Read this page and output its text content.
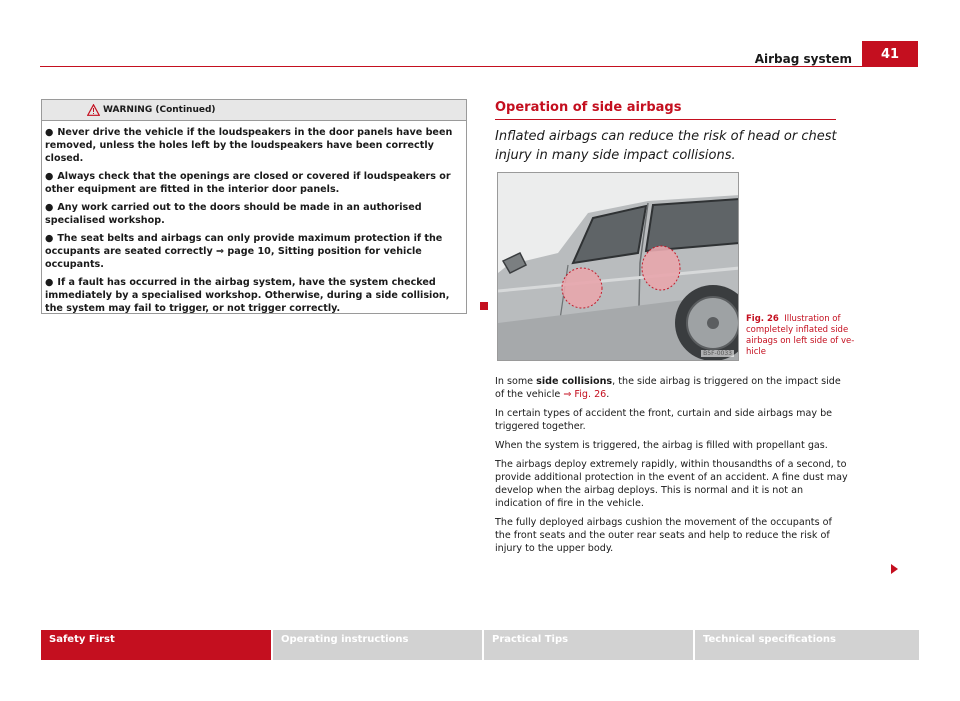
Airbag system	41
WARNING (Continued)
● Never drive the vehicle if the loudspeakers in the door panels have been removed, unless the holes left by the loudspeakers have been correctly closed.
● Always check that the openings are closed or covered if loudspeakers or other equipment are fitted in the interior door panels.
● Any work carried out to the doors should be made in an authorised specialised workshop.
● The seat belts and airbags can only provide maximum protection if the occupants are seated correctly ⇒ page 10, Sitting position for vehicle occupants.
● If a fault has occurred in the airbag system, have the system checked immediately by a specialised workshop. Otherwise, during a side collision, the system may fail to trigger, or not trigger correctly.
Operation of side airbags
Inflated airbags can reduce the risk of head or chest injury in many side impact collisions.
B5F-0033
Fig. 26 Illustration of completely inflated side airbags on left side of vehicle

In some side collisions, the side airbag is triggered on the impact side of the vehicle ⇒ Fig. 26.

In certain types of accident the front, curtain and side airbags may be triggered together.

When the system is triggered, the airbag is filled with propellant gas.

The airbags deploy extremely rapidly, within thousandths of a second, to provide additional protection in the event of an accident. A fine dust may develop when the airbag deploys. This is normal and it is not an indication of fire in the vehicle.

The fully deployed airbags cushion the movement of the occupants of the front seats and the outer rear seats and help to reduce the risk of injury to the upper body.

Safety First	Operating instructions	Practical Tips	Technical specifications
